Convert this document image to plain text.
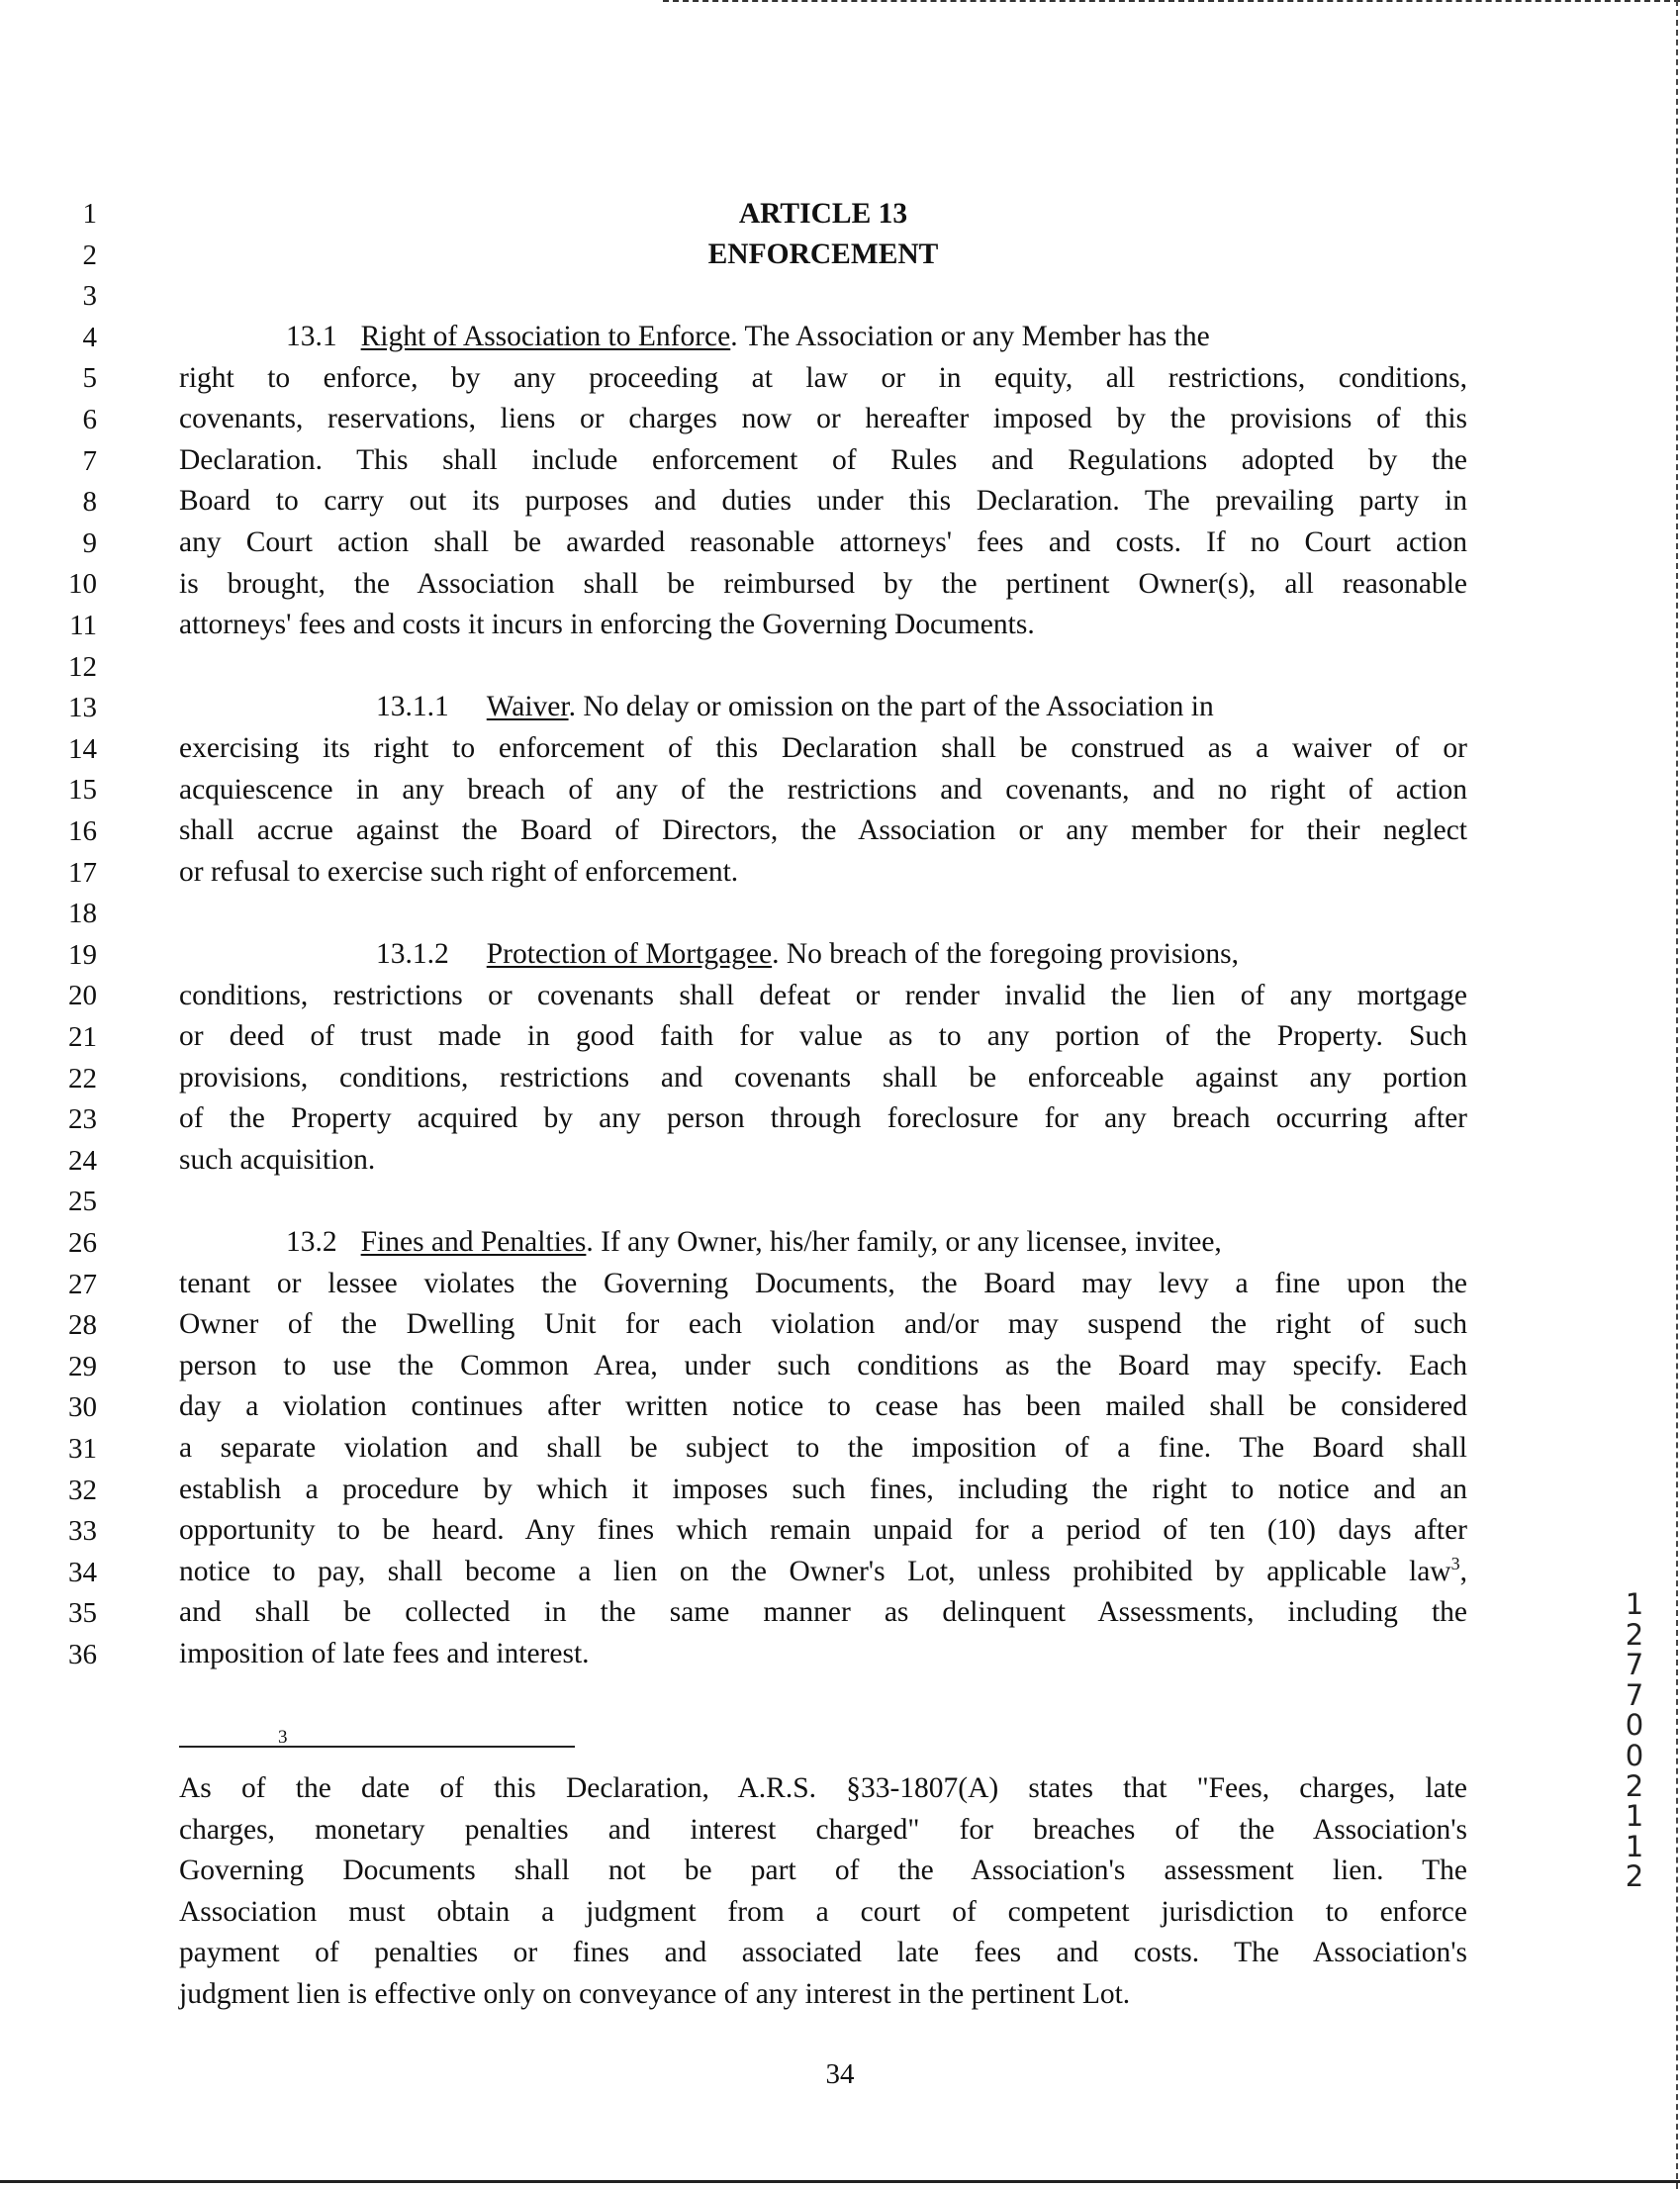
1
2
3
4
5
6
7
8
9
10
11
12
13
14
15
16
17
18
19
20
21
22
23
24
25
26
27
28
29
30
31
32
33
34
35
36
ARTICLE 13
ENFORCEMENT
13.1 Right of Association to Enforce. The Association or any Member has the
right to enforce, by any proceeding at law or in equity, all restrictions, conditions,
covenants, reservations, liens or charges now or hereafter imposed by the provisions of this
Declaration. This shall include enforcement of Rules and Regulations adopted by the
Board to carry out its purposes and duties under this Declaration. The prevailing party in
any Court action shall be awarded reasonable attorneys' fees and costs. If no Court action
is brought, the Association shall be reimbursed by the pertinent Owner(s), all reasonable
attorneys' fees and costs it incurs in enforcing the Governing Documents.
13.1.1 Waiver. No delay or omission on the part of the Association in
exercising its right to enforcement of this Declaration shall be construed as a waiver of or
acquiescence in any breach of any of the restrictions and covenants, and no right of action
shall accrue against the Board of Directors, the Association or any member for their neglect
or refusal to exercise such right of enforcement.
13.1.2 Protection of Mortgagee. No breach of the foregoing provisions,
conditions, restrictions or covenants shall defeat or render invalid the lien of any mortgage
or deed of trust made in good faith for value as to any portion of the Property. Such
provisions, conditions, restrictions and covenants shall be enforceable against any portion
of the Property acquired by any person through foreclosure for any breach occurring after
such acquisition.
13.2 Fines and Penalties. If any Owner, his/her family, or any licensee, invitee,
tenant or lessee violates the Governing Documents, the Board may levy a fine upon the
Owner of the Dwelling Unit for each violation and/or may suspend the right of such
person to use the Common Area, under such conditions as the Board may specify. Each
day a violation continues after written notice to cease has been mailed shall be considered
a separate violation and shall be subject to the imposition of a fine. The Board shall
establish a procedure by which it imposes such fines, including the right to notice and an
opportunity to be heard. Any fines which remain unpaid for a period of ten (10) days after
notice to pay, shall become a lien on the Owner's Lot, unless prohibited by applicable law$^3$,
and shall be collected in the same manner as delinquent Assessments, including the
imposition of late fees and interest.
3
As of the date of this Declaration, A.R.S. §33-1807(A) states that "Fees, charges, late
charges, monetary penalties and interest charged" for breaches of the Association's
Governing Documents shall not be part of the Association's assessment lien. The
Association must obtain a judgment from a court of competent jurisdiction to enforce
payment of penalties or fines and associated late fees and costs. The Association's
judgment lien is effective only on conveyance of any interest in the pertinent Lot.
34
1
2
7
7
0
0
2
1
1
2
